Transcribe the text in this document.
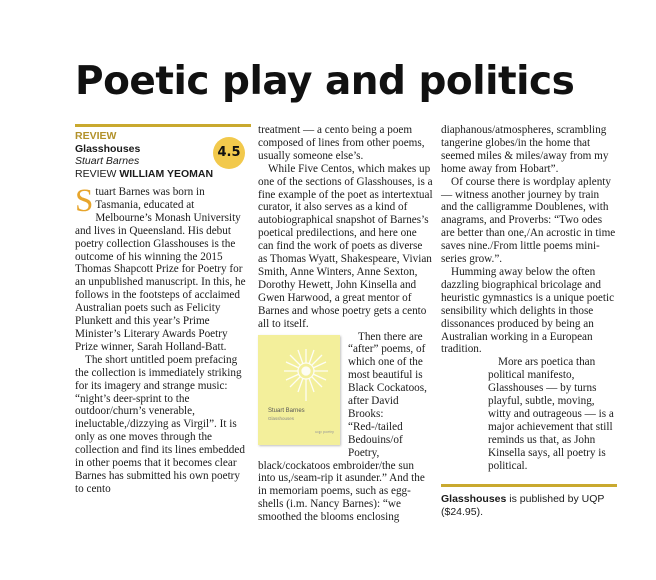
Poetic play and politics
REVIEW
Glasshouses
Stuart Barnes
REVIEW WILLIAM YEOMAN
4.5

Stuart Barnes was born in Tasmania, educated at Melbourne’s Monash University and lives in Queensland. His debut poetry collection Glasshouses is the outcome of his winning the 2015 Thomas Shapcott Prize for Poetry for an unpublished manuscript. In this, he follows in the footsteps of acclaimed Australian poets such as Felicity Plunkett and this year’s Prime Minister’s Literary Awards Poetry Prize winner, Sarah Holland-Batt.

The short untitled poem prefacing the collection is immediately striking for its imagery and strange music: “night’s deer-sprint to the outdoor/churn’s venerable, ineluctable,/dizzying as Virgil”. It is only as one moves through the collection and find its lines embedded in other poems that it becomes clear Barnes has submitted his own poetry to cento

treatment — a cento being a poem composed of lines from other poems, usually someone else’s.

While Five Centos, which makes up one of the sections of Glasshouses, is a fine example of the poet as intertextual curator, it also serves as a kind of autobiographical snapshot of Barnes’s poetical predilections, and here one can find the work of poets as diverse as Thomas Wyatt, Shakespeare, Vivian Smith, Anne Winters, Anne Sexton, Dorothy Hewett, John Kinsella and Gwen Harwood, a great mentor of Barnes and whose poetry gets a cento all to itself.

Stuart Barnes
Glasshouses
uqp poetry

Then there are “after” poems, of which one of the most beautiful is Black Cockatoos, after David Brooks: “Red-/tailed Bedouins/of Poetry, black/cockatoos embroider/the sun into us,/seam-rip it asunder.” And the in memoriam poems, such as egg-shells (i.m. Nancy Barnes): “we smoothed the blooms enclosing

diaphanous/atmospheres, scrambling tangerine globes/in the home that seemed miles & miles/away from my home away from Hobart”.

Of course there is wordplay aplenty — witness another journey by train and the calligramme Doublenes, with anagrams, and Proverbs: “Two odes are better than one,/An acrostic in time saves nine./From little poems mini-series grow.”.

Humming away below the often dazzling biographical bricolage and heuristic gymnastics is a unique poetic sensibility which delights in those dissonances produced by being an Australian working in a European tradition.

More ars poetica than political manifesto, Glasshouses — by turns playful, subtle, moving, witty and outrageous — is a major achievement that still reminds us that, as John Kinsella says, all poetry is political.

Glasshouses is published by UQP ($24.95).
